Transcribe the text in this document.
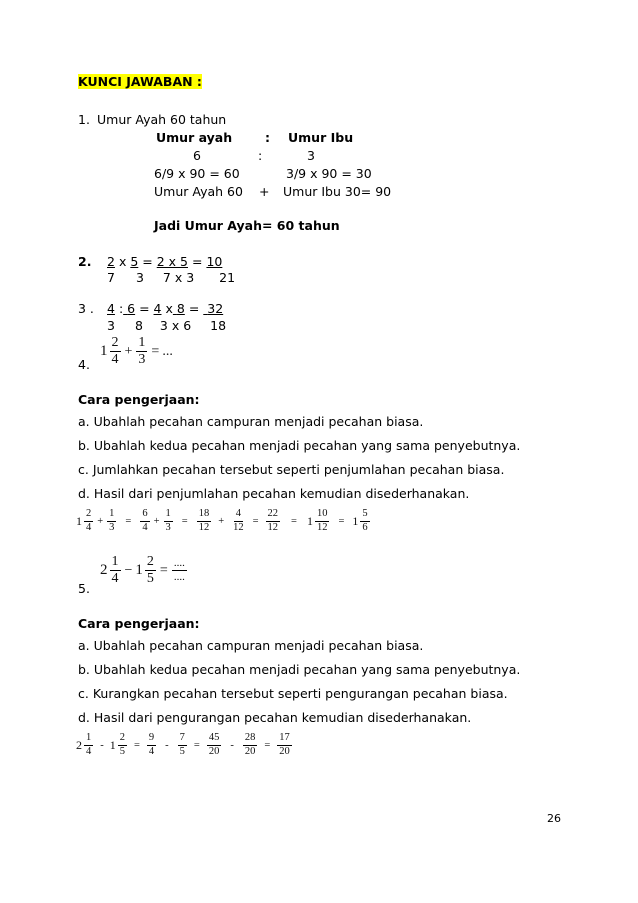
KUNCI JAWABAN :
1. Umur Ayah 60 tahun
Umur ayah	: Umur Ibu
6	:	3
6/9 x 90 = 60	3/9 x 90 = 30
Umur Ayah 60 + Umur Ibu 30= 90
Jadi Umur Ayah= 60 tahun
2. 2 x 5 = 2 x 5 = 10
7 3 7 x 3 21
3 . 4 : 6 = 4 x 8 = 32
3 8 3 x 6 18
$1 \frac{2}{4} + \frac{1}{3}$ = ...
4.
Cara pengerjaan:
a. Ubahlah pecahan campuran menjadi pecahan biasa.
b. Ubahlah kedua pecahan menjadi pecahan yang sama penyebutnya.
c. Jumlahkan pecahan tersebut seperti penjumlahan pecahan biasa.
d. Hasil dari penjumlahan pecahan kemudian disederhanakan.
$1 \frac{2}{4} + \frac{1}{3} = \frac{6}{4} + \frac{1}{3} = \frac{18}{12} + \frac{4}{12} = \frac{22}{12} = 1 \frac{10}{12} = 1 \frac{5}{6}$
$2 \frac{1}{4} - 1 \frac{2}{5} = \frac{....}{....}$
5.
Cara pengerjaan:
a. Ubahlah pecahan campuran menjadi pecahan biasa.
b. Ubahlah kedua pecahan menjadi pecahan yang sama penyebutnya.
c. Kurangkan pecahan tersebut seperti pengurangan pecahan biasa.
d. Hasil dari pengurangan pecahan kemudian disederhanakan.
$2 \frac{1}{4} - 1 \frac{2}{5} = \frac{9}{4} - \frac{7}{5} = \frac{45}{20} - \frac{28}{20} = \frac{17}{20}$
26
